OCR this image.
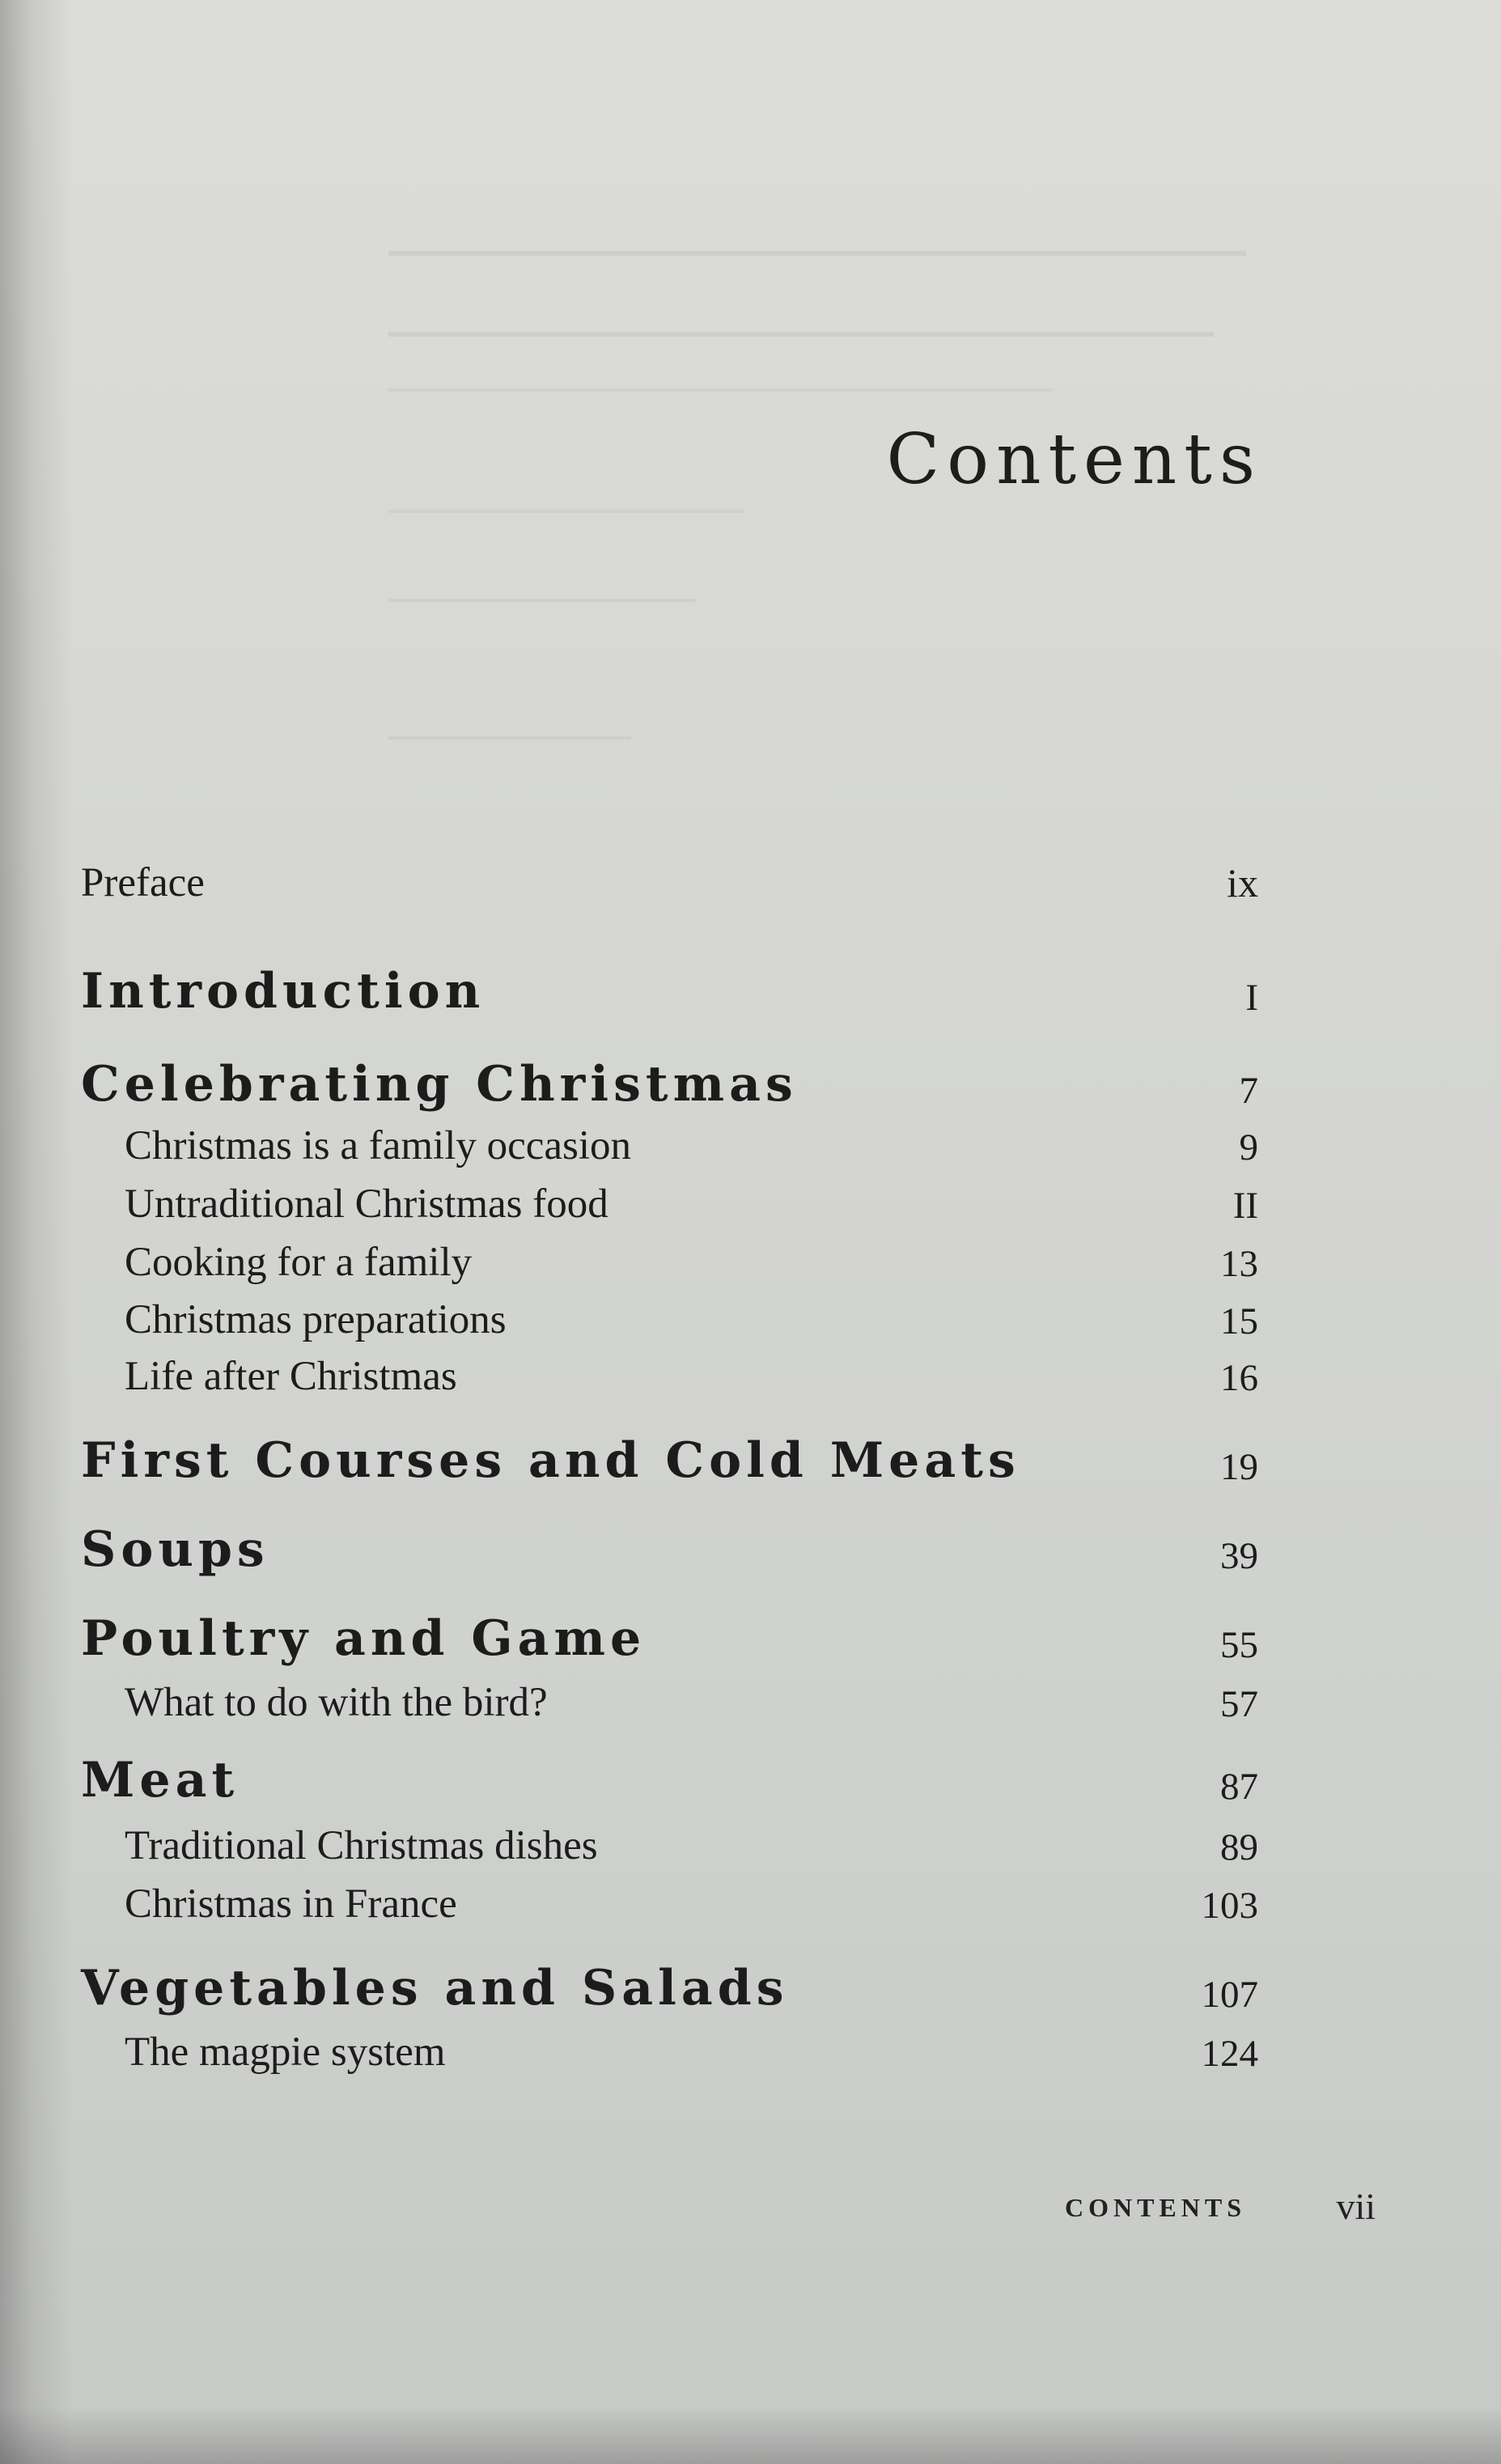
Contents
Preface	ix
Introduction	I
Celebrating Christmas	7
Christmas is a family occasion	9
Untraditional Christmas food	II
Cooking for a family	13
Christmas preparations	15
Life after Christmas	16
First Courses and Cold Meats	19
Soups	39
Poultry and Game	55
What to do with the bird?	57
Meat	87
Traditional Christmas dishes	89
Christmas in France	103
Vegetables and Salads	107
The magpie system	124
CONTENTS	vii
